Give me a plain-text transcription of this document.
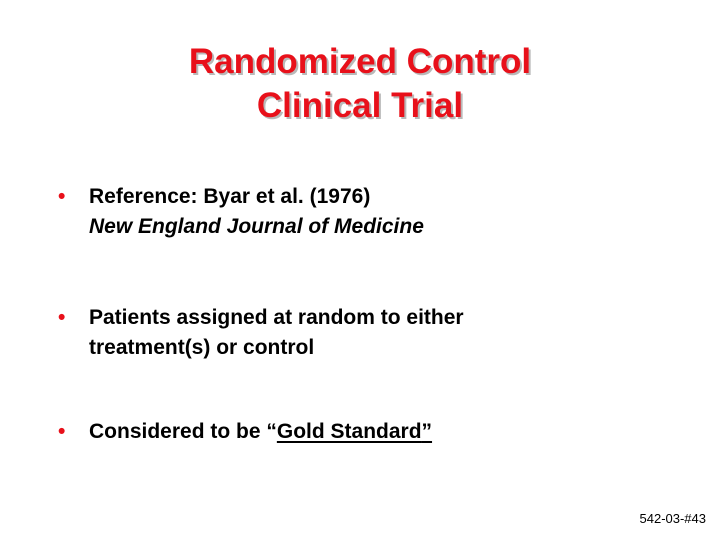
Randomized Control
Clinical Trial
• Reference: Byar et al. (1976)
New England Journal of Medicine
• Patients assigned at random to either
treatment(s) or control
• Considered to be “Gold Standard”
542-03-#43
